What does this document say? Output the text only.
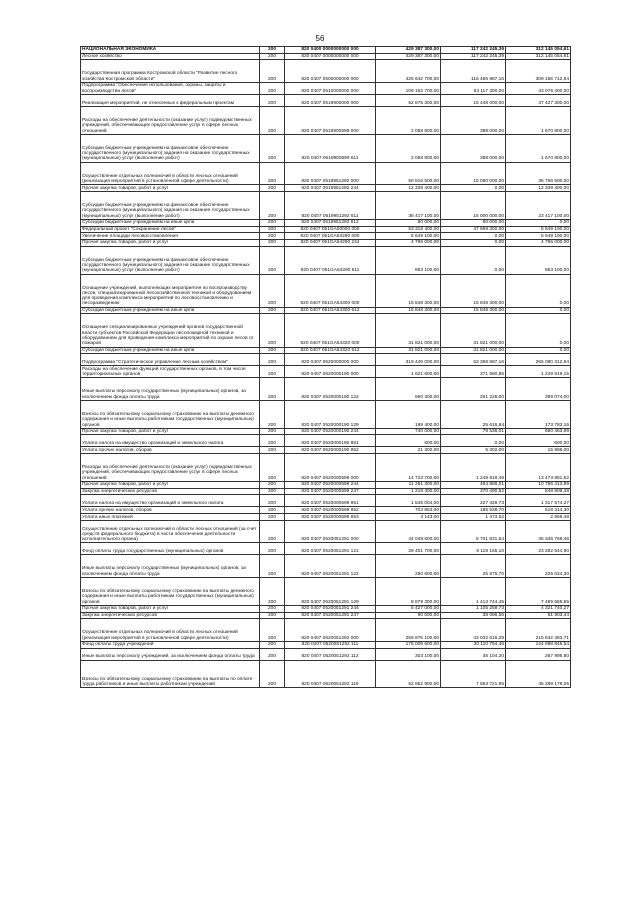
56
НАЦИОНАЛЬНАЯ ЭКОНОМИКА	200	820 0400 0000000000 000	429 387 300,00	117 242 245,39	312 145 054,61
Лесное хозяйство	200	820 0407 0000000000 000	429 387 300,00	117 242 245,39	312 145 054,61
Государственная программа Костромской области "Развитие лесного хозяйства Костромской области"	200	820 0407 0500000000 000	425 642 700,00	116 485 987,16	309 156 712,84
Подпрограмма "Обеспечение использования, охраны, защиты и воспроизводства лесов"	200	820 0407 0510000000 000	106 163 700,00	63 117 300,00	43 076 400,00
Реализация мероприятий, не отнесенных к федеральным проектам	200	820 0407 0519900000 000	52 875 300,00	15 448 000,00	37 427 300,00
Расходы на обеспечение деятельности (оказание услуг) подведомственных учреждений, обеспечивающих предоставление услуг в сфере лесных отношений	200	820 0407 0519900599 000	2 058 800,00	388 000,00	1 670 800,00
Субсидии бюджетным учреждениям на финансовое обеспечение государственного (муниципального) задания на оказание государственных (муниципальных) услуг (выполнение работ)	200	820 0407 0519900599 611	2 058 800,00	388 000,00	1 670 800,00
Осуществление отдельных полномочий в области лесных отношений (реализация мероприятий в установленной сфере деятельности)	200	820 0407 0519951292 000	50 816 500,00	15 060 000,00	35 756 500,00
Прочая закупка товаров, работ и услуг	200	820 0407 0519951292 244	12 339 400,00	0,00	12 339 400,00
Субсидии бюджетным учреждениям на финансовое обеспечение государственного (муниципального) задания на оказание государственных (муниципальных) услуг (выполнение работ)	200	820 0407 0519951292 611	38 417 100,00	15 000 000,00	23 417 100,00
Субсидии бюджетным учреждениям на иные цели	200	820 0407 0519951292 612	60 000,00	60 000,00	0,00
Федеральный проект "Сохранение лесов"	200	820 0407 051GA00000 000	53 318 400,00	47 669 300,00	5 649 100,00
Увеличение площади лесовосстановления	200	820 0407 051GA54290 000	5 649 100,00	0,00	5 649 100,00
Прочая закупка товаров, работ и услуг	200	820 0407 051GA54290 244	4 796 000,00	0,00	4 796 000,00
Субсидии бюджетным учреждениям на финансовое обеспечение государственного (муниципального) задания на оказание государственных (муниципальных) услуг (выполнение работ)	200	820 0407 051GA54290 611	853 100,00	0,00	853 100,00
Оснащение учреждений, выполняющих мероприятия по воспроизводству лесов, специализированной лесохозяйственной техникой и оборудованием для проведения комплекса мероприятий по лесовосстановлению и лесоразведению	200	820 0407 051GA54300 000	15 848 300,00	15 848 300,00	0,00
Субсидии бюджетным учреждениям на иные цели	200	820 0407 051GA54300 612	15 848 300,00	15 848 300,00	0,00
Оснащение специализированных учреждений органов государственной власти субъектов Российской Федерации лесопожарной техникой и оборудованием для проведения комплекса мероприятий по охране лесов от пожаров	200	820 0407 051GA54320 000	31 821 000,00	31 821 000,00	0,00
Субсидии бюджетным учреждениям на иные цели	200	820 0407 051GA54320 612	31 821 000,00	31 821 000,00	0,00
Подпрограмма "Стратегическое управление лесным хозяйством"	200	820 0407 0520000000 000	319 449 000,00	53 368 687,16	266 080 312,84
Расходы на обеспечение функций государственных органов, в том числе территориальных органов	200	820 0407 0520000190 000	1 621 600,00	371 680,85	1 249 919,15
Иные выплаты персоналу государственных (муниципальных) органов, за исключением фонда оплаты труда	200	820 0407 0520000190 122	660 300,00	261 226,00	399 074,00
Взносы по обязательному социальному страхованию на выплаты денежного содержания и иные выплаты работникам государственных (муниципальных) органов	200	820 0407 0520000190 129	199 400,00	25 616,84	173 783,16
Прочая закупка товаров, работ и услуг	200	820 0407 0520000190 244	740 000,00	79 536,01	660 463,99
Уплата налога на имущество организаций и земельного налога	200	820 0407 0520000190 851	600,00	0,00	600,00
Уплата прочих налогов, сборов	200	820 0407 0520000190 852	21 300,00	5 302,00	15 998,00
Расходы на обеспечение деятельности (оказание услуг) подведомственных учреждений, обеспечивающих предоставление услуг в сфере лесных отношений	200	820 0407 0520000599 000	14 723 700,00	1 249 818,48	13 473 881,52
Прочая закупка товаров, работ и услуг	200	820 0407 0520000599 244	11 251 300,00	464 886,01	10 786 413,99
Закупка энергетических ресурсов	200	820 0407 0520000599 247	1 219 400,00	370 490,52	848 909,48
Уплата налога на имущество организаций и земельного налога	200	820 0407 0520000599 851	1 545 004,00	227 429,73	1 317 574,27
Уплата прочих налогов, сборов	200	820 0407 0520000599 852	703 853,00	185 538,70	518 314,30
Уплата иных платежей	200	820 0407 0520000599 853	4 143,00	1 473,52	2 669,48
Осуществление отдельных полномочий в области лесных отношений (за счет средств федерального бюджета) в части обеспечения деятельности исполнительного органа)	200	820 0407 0520051291 000	44 048 600,00	8 701 831,54	35 346 768,46
Фонд оплаты труда государственных (муниципальных) органов	200	820 0407 0520051291 121	29 401 700,00	6 119 155,10	23 282 544,90
Иные выплаты персоналу государственных (муниципальных) органов, за исключением фонда оплаты труда	200	820 0407 0520051291 122	250 600,00	25 575,70	225 024,30
Взносы по обязательному социальному страхованию на выплаты денежного содержания и иные выплаты работникам государственных (муниципальных) органов	200	820 0407 0520051291 129	8 879 300,00	1 413 744,45	7 465 555,55
Прочая закупка товаров, работ и услуг	200	820 0407 0520051291 244	5 427 000,00	1 105 259,73	4 321 740,27
Закупка энергетических ресурсов	200	820 0407 0520051291 247	90 000,00	38 096,56	51 903,44
Осуществление отдельных полномочий в области лесных отношений (реализация мероприятий в установленной сфере деятельности)	200	820 0407 0520051292 000	258 875 100,00	43 032 616,29	215 842 483,71
Фонд оплаты труда учреждений	200	820 0407 0520051292 111	175 009 600,00	30 110 754,46	144 898 845,54
Иные выплаты персоналу учреждений, за исключением фонда оплаты труда	200	820 0407 0520051292 112	303 100,00	35 104,20	267 995,80
Взносы по обязательному социальному страхованию на выплаты по оплате труда работников и иные выплаты работникам учреждений	200	820 0407 0520051292 119	52 852 900,00	7 563 721,95	45 289 178,05
